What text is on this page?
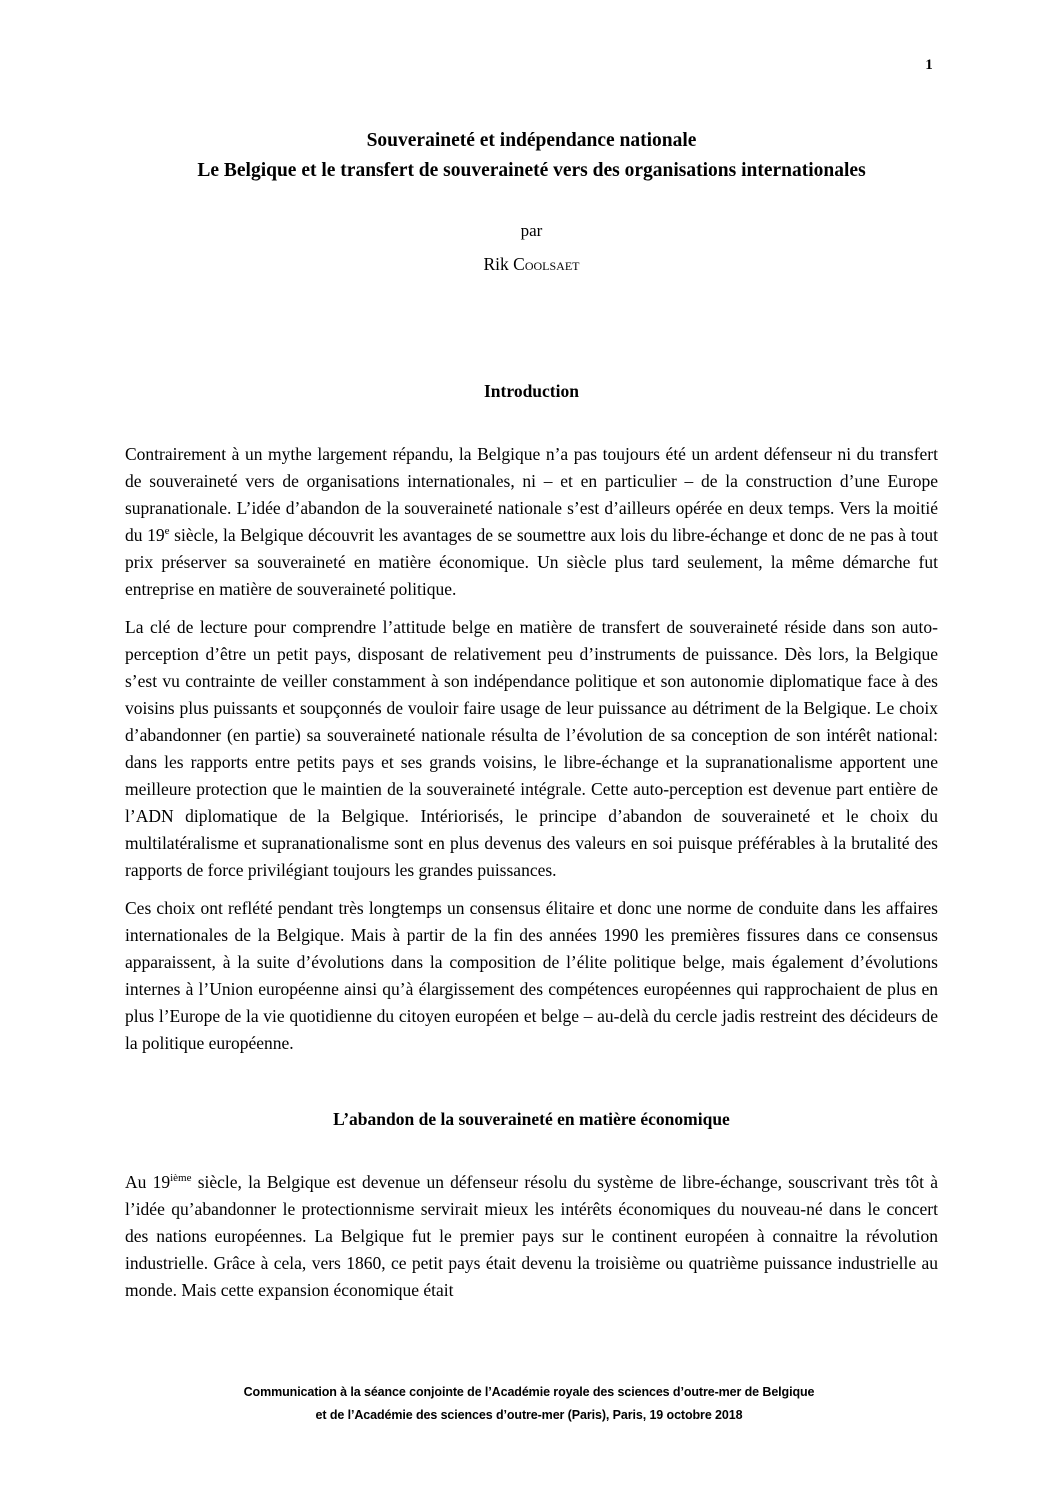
1
Souveraineté et indépendance nationale
Le Belgique et le transfert de souveraineté vers des organisations internationales
par
Rik Coolsaet
Introduction

Contrairement à un mythe largement répandu, la Belgique n’a pas toujours été un ardent défenseur ni du transfert de souveraineté vers de organisations internationales, ni – et en particulier – de la construction d’une Europe supranationale. L’idée d’abandon de la souveraineté nationale s’est d’ailleurs opérée en deux temps. Vers la moitié du 19e siècle, la Belgique découvrit les avantages de se soumettre aux lois du libre-échange et donc de ne pas à tout prix préserver sa souveraineté en matière économique. Un siècle plus tard seulement, la même démarche fut entreprise en matière de souveraineté politique.

La clé de lecture pour comprendre l’attitude belge en matière de transfert de souveraineté réside dans son auto-perception d’être un petit pays, disposant de relativement peu d’instruments de puissance. Dès lors, la Belgique s’est vu contrainte de veiller constamment à son indépendance politique et son autonomie diplomatique face à des voisins plus puissants et soupçonnés de vouloir faire usage de leur puissance au détriment de la Belgique. Le choix d’abandonner (en partie) sa souveraineté nationale résulta de l’évolution de sa conception de son intérêt national: dans les rapports entre petits pays et ses grands voisins, le libre-échange et la supranationalisme apportent une meilleure protection que le maintien de la souveraineté intégrale. Cette auto-perception est devenue part entière de l’ADN diplomatique de la Belgique. Intériorisés, le principe d’abandon de souveraineté et le choix du multilatéralisme et supranationalisme sont en plus devenus des valeurs en soi puisque préférables à la brutalité des rapports de force privilégiant toujours les grandes puissances.

Ces choix ont reflété pendant très longtemps un consensus élitaire et donc une norme de conduite dans les affaires internationales de la Belgique. Mais à partir de la fin des années 1990 les premières fissures dans ce consensus apparaissent, à la suite d’évolutions dans la composition de l’élite politique belge, mais également d’évolutions internes à l’Union européenne ainsi qu’à élargissement des compétences européennes qui rapprochaient de plus en plus l’Europe de la vie quotidienne du citoyen européen et belge – au-delà du cercle jadis restreint des décideurs de la politique européenne.

L’abandon de la souveraineté en matière économique

Au 19ième siècle, la Belgique est devenue un défenseur résolu du système de libre-échange, souscrivant très tôt à l’idée qu’abandonner le protectionnisme servirait mieux les intérêts économiques du nouveau-né dans le concert des nations européennes. La Belgique fut le premier pays sur le continent européen à connaitre la révolution industrielle. Grâce à cela, vers 1860, ce petit pays était devenu la troisième ou quatrième puissance industrielle au monde. Mais cette expansion économique était

Communication à la séance conjointe de l’Académie royale des sciences d’outre-mer de Belgique
et de l’Académie des sciences d’outre-mer (Paris), Paris, 19 octobre 2018
